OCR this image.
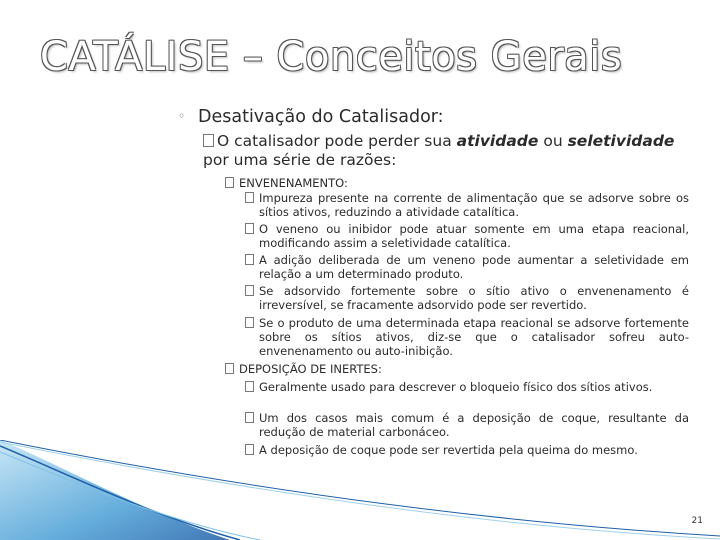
CATÁLISE – Conceitos Gerais
◦ Desativação do Catalisador:
O catalisador pode perder sua atividade ou seletividade
por uma série de razões:
ENVENENAMENTO:
Impureza presente na corrente de alimentação que se adsorve sobre os sítios ativos, reduzindo a atividade catalítica.
O veneno ou inibidor pode atuar somente em uma etapa reacional, modificando assim a seletividade catalítica.
A adição deliberada de um veneno pode aumentar a seletividade em relação a um determinado produto.
Se adsorvido fortemente sobre o sítio ativo o envenenamento é irreversível, se fracamente adsorvido pode ser revertido.
Se o produto de uma determinada etapa reacional se adsorve fortemente sobre os sítios ativos, diz-se que o catalisador sofreu auto-envenenamento ou auto-inibição.
DEPOSIÇÃO DE INERTES:
Geralmente usado para descrever o bloqueio físico dos sítios ativos.
Um dos casos mais comum é a deposição de coque, resultante da redução de material carbonáceo.
A deposição de coque pode ser revertida pela queima do mesmo.
21
